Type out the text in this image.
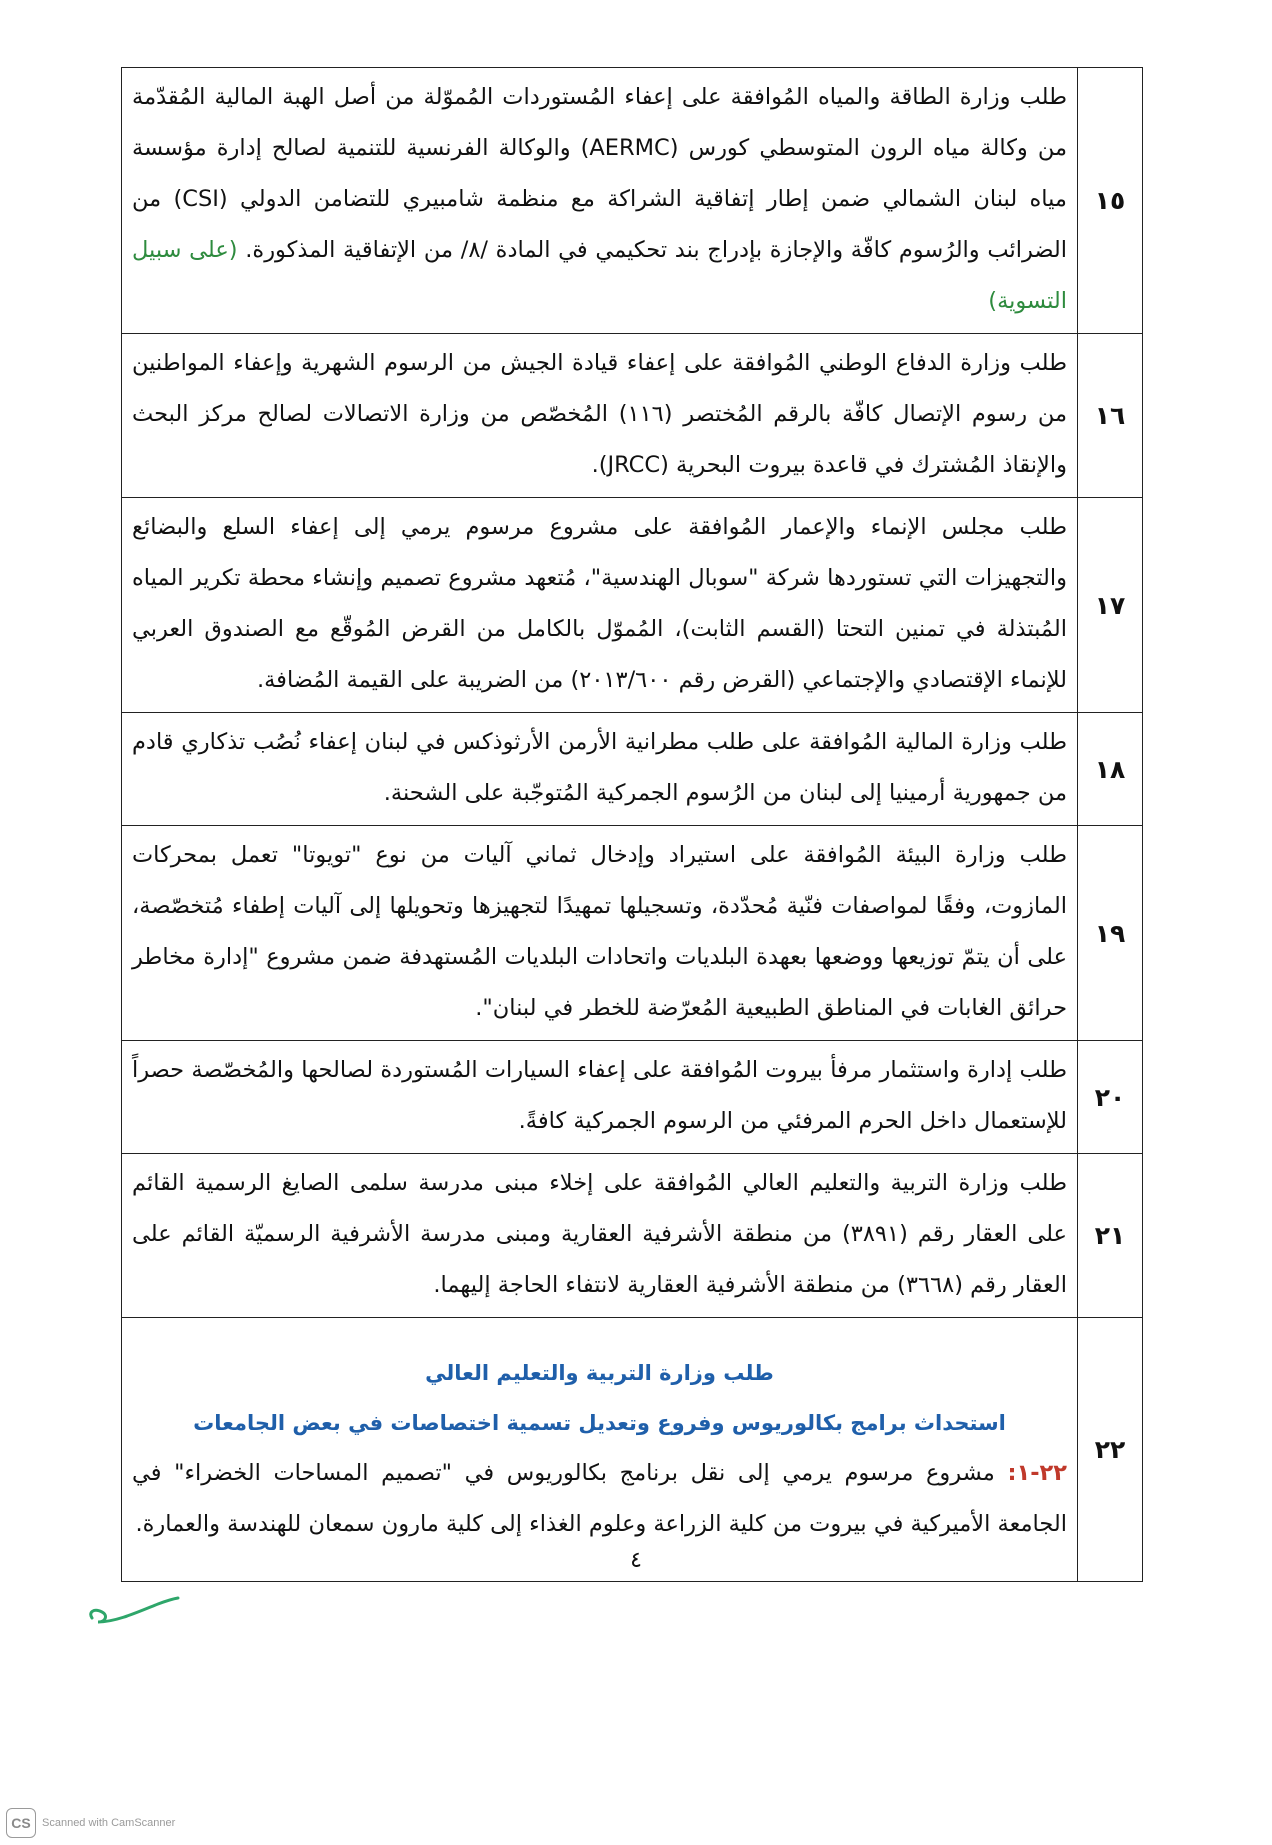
١٥	طلب وزارة الطاقة والمياه المُوافقة على إعفاء المُستوردات المُموّلة من أصل الهبة المالية المُقدّمة من وكالة مياه الرون المتوسطي كورس (AERMC) والوكالة الفرنسية للتنمية لصالح إدارة مؤسسة مياه لبنان الشمالي ضمن إطار إتفاقية الشراكة مع منظمة شامبيري للتضامن الدولي (CSI) من الضرائب والرُسوم كافّة والإجازة بإدراج بند تحكيمي في المادة /٨/ من الإتفاقية المذكورة. (على سبيل التسوية)
١٦	طلب وزارة الدفاع الوطني المُوافقة على إعفاء قيادة الجيش من الرسوم الشهرية وإعفاء المواطنين من رسوم الإتصال كافّة بالرقم المُختصر (١١٦) المُخصّص من وزارة الاتصالات لصالح مركز البحث والإنقاذ المُشترك في قاعدة بيروت البحرية (JRCC).
١٧	طلب مجلس الإنماء والإعمار المُوافقة على مشروع مرسوم يرمي إلى إعفاء السلع والبضائع والتجهيزات التي تستوردها شركة "سوبال الهندسية"، مُتعهد مشروع تصميم وإنشاء محطة تكرير المياه المُبتذلة في تمنين التحتا (القسم الثابت)، المُموّل بالكامل من القرض المُوقّع مع الصندوق العربي للإنماء الإقتصادي والإجتماعي (القرض رقم ٢٠١٣/٦٠٠) من الضريبة على القيمة المُضافة.
١٨	طلب وزارة المالية المُوافقة على طلب مطرانية الأرمن الأرثوذكس في لبنان إعفاء نُصُب تذكاري قادم من جمهورية أرمينيا إلى لبنان من الرُسوم الجمركية المُتوجّبة على الشحنة.
١٩	طلب وزارة البيئة المُوافقة على استيراد وإدخال ثماني آليات من نوع "تويوتا" تعمل بمحركات المازوت، وفقًا لمواصفات فنّية مُحدّدة، وتسجيلها تمهيدًا لتجهيزها وتحويلها إلى آليات إطفاء مُتخصّصة، على أن يتمّ توزيعها ووضعها بعهدة البلديات واتحادات البلديات المُستهدفة ضمن مشروع "إدارة مخاطر حرائق الغابات في المناطق الطبيعية المُعرّضة للخطر في لبنان".
٢٠	طلب إدارة واستثمار مرفأ بيروت المُوافقة على إعفاء السيارات المُستوردة لصالحها والمُخصّصة حصراً للإستعمال داخل الحرم المرفئي من الرسوم الجمركية كافةً.
٢١	طلب وزارة التربية والتعليم العالي المُوافقة على إخلاء مبنى مدرسة سلمى الصايغ الرسمية القائم على العقار رقم (٣٨٩١) من منطقة الأشرفية العقارية ومبنى مدرسة الأشرفية الرسميّة القائم على العقار رقم (٣٦٦٨) من منطقة الأشرفية العقارية لانتفاء الحاجة إليهما.
٢٢	طلب وزارة التربية والتعليم العالي
استحداث برامج بكالوريوس وفروع وتعديل تسمية اختصاصات في بعض الجامعات
٢٢-١: مشروع مرسوم يرمي إلى نقل برنامج بكالوريوس في "تصميم المساحات الخضراء" في الجامعة الأميركية في بيروت من كلية الزراعة وعلوم الغذاء إلى كلية مارون سمعان للهندسة والعمارة.
٤
CS	Scanned with CamScanner
